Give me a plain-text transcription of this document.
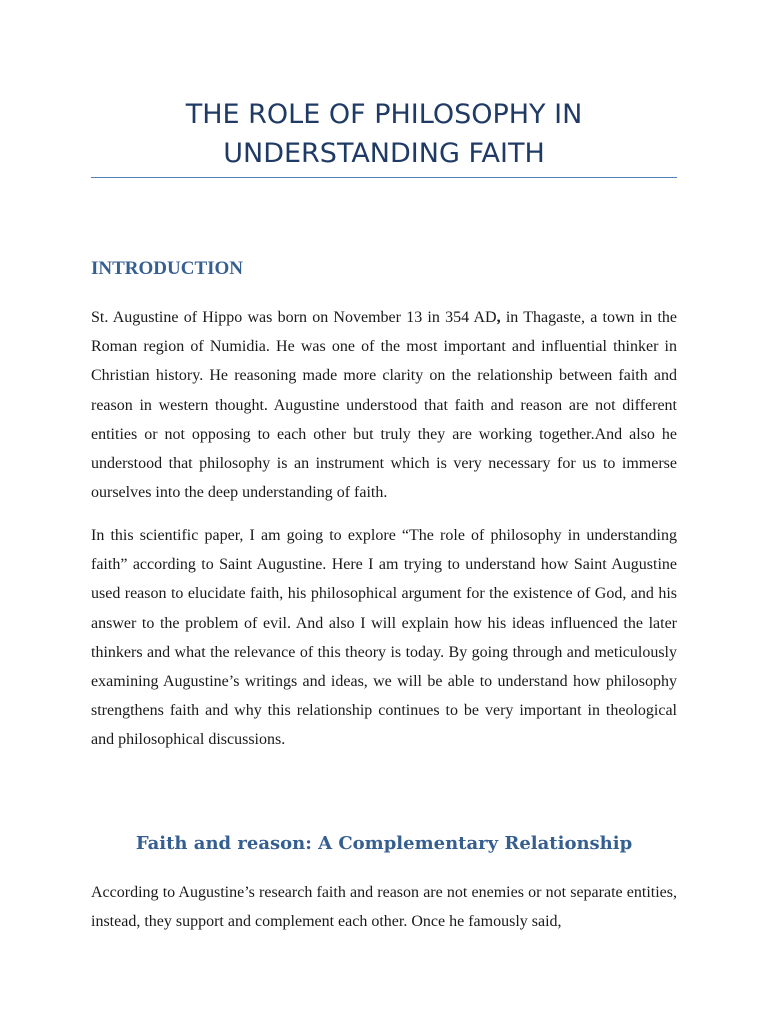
THE ROLE OF PHILOSOPHY IN
UNDERSTANDING FAITH
INTRODUCTION

St. Augustine of Hippo was born on November 13 in 354 AD, in Thagaste, a town in the Roman region of Numidia. He was one of the most important and influential thinker in Christian history. He reasoning made more clarity on the relationship between faith and reason in western thought. Augustine understood that faith and reason are not different entities or not opposing to each other but truly they are working together.And also he understood that philosophy is an instrument which is very necessary for us to immerse ourselves into the deep understanding of faith.

In this scientific paper, I am going to explore “The role of philosophy in understanding faith” according to Saint Augustine. Here I am trying to understand how Saint Augustine used reason to elucidate faith, his philosophical argument for the existence of God, and his answer to the problem of evil. And also I will explain how his ideas influenced the later thinkers and what the relevance of this theory is today. By going through and meticulously examining Augustine’s writings and ideas, we will be able to understand how philosophy strengthens faith and why this relationship continues to be very important in theological and philosophical discussions.

Faith and reason: A Complementary Relationship

According to Augustine’s research faith and reason are not enemies or not separate entities, instead, they support and complement each other. Once he famously said,
